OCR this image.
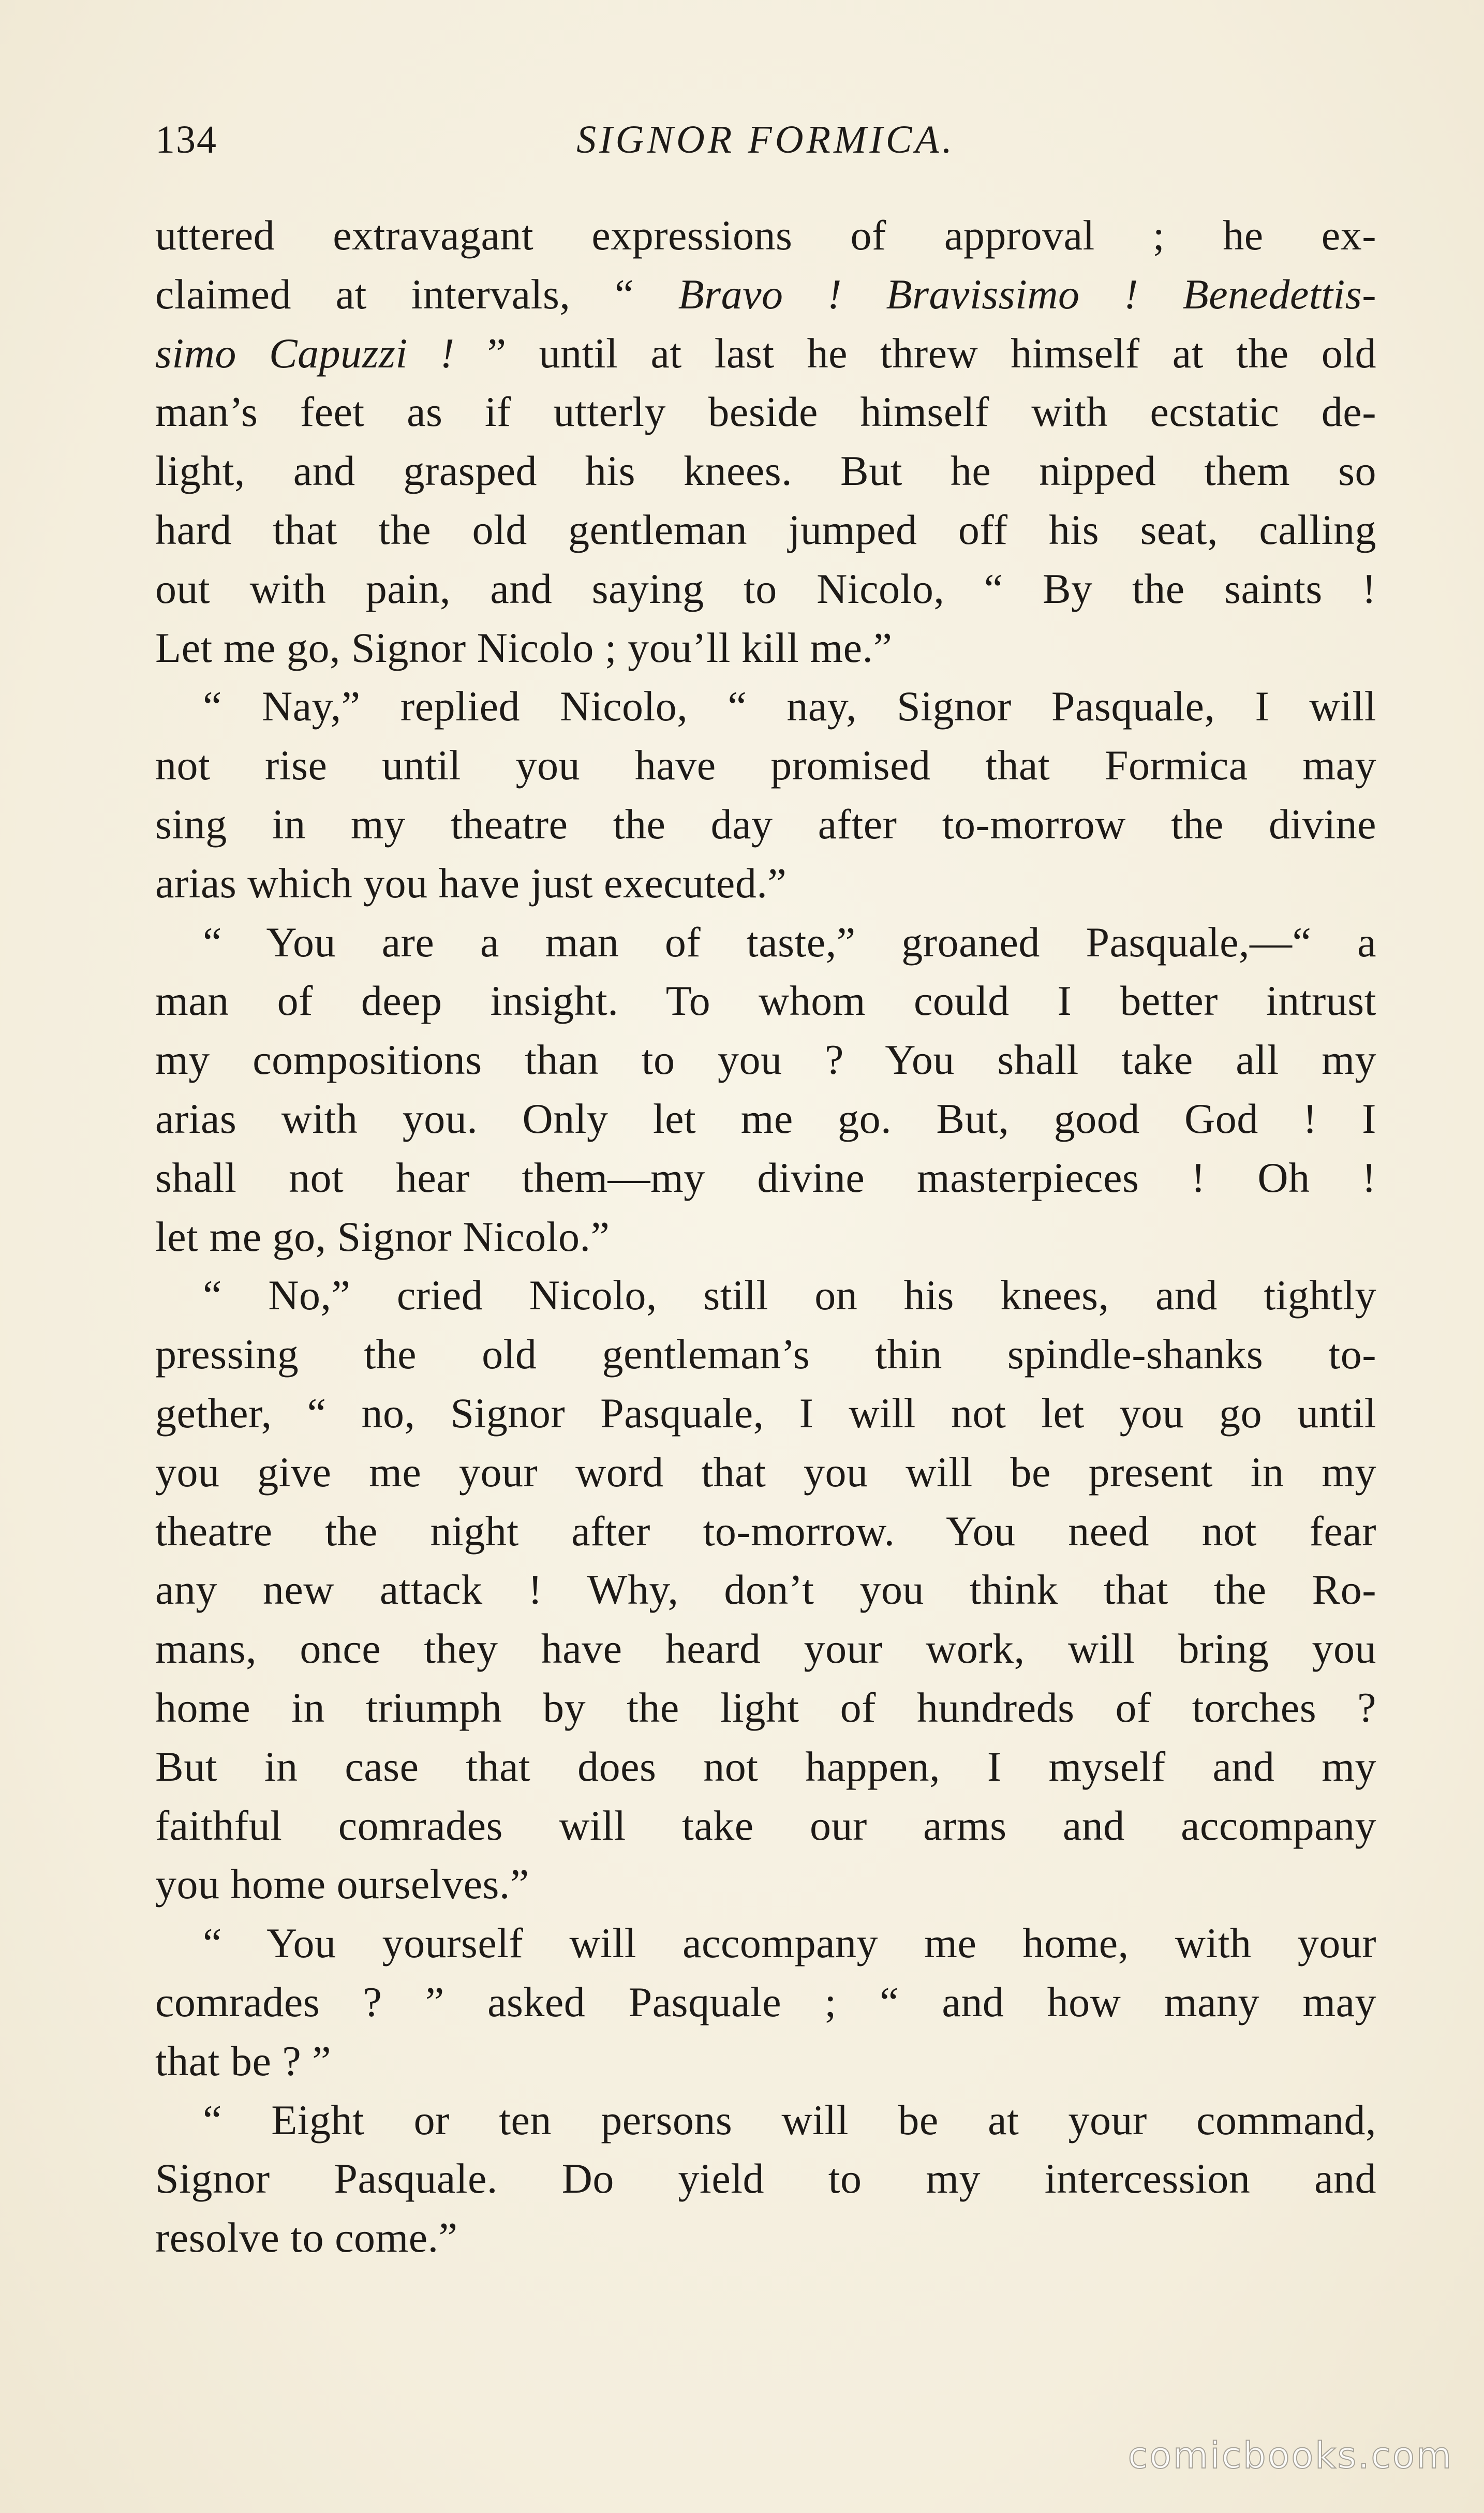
134	SIGNOR FORMICA.
uttered extravagant expressions of approval ; he ex-
claimed at intervals, “ Bravo ! Bravissimo ! Benedettis-
simo Capuzzi ! ” until at last he threw himself at the old
man’s feet as if utterly beside himself with ecstatic de-
light, and grasped his knees. But he nipped them so
hard that the old gentleman jumped off his seat, calling
out with pain, and saying to Nicolo, “ By the saints !
Let me go, Signor Nicolo ; you’ll kill me.”
“ Nay,” replied Nicolo, “ nay, Signor Pasquale, I will
not rise until you have promised that Formica may
sing in my theatre the day after to-morrow the divine
arias which you have just executed.”
“ You are a man of taste,” groaned Pasquale,—“ a
man of deep insight. To whom could I better intrust
my compositions than to you ? You shall take all my
arias with you. Only let me go. But, good God ! I
shall not hear them—my divine masterpieces ! Oh !
let me go, Signor Nicolo.”
“ No,” cried Nicolo, still on his knees, and tightly
pressing the old gentleman’s thin spindle-shanks to-
gether, “ no, Signor Pasquale, I will not let you go until
you give me your word that you will be present in my
theatre the night after to-morrow. You need not fear
any new attack ! Why, don’t you think that the Ro-
mans, once they have heard your work, will bring you
home in triumph by the light of hundreds of torches ?
But in case that does not happen, I myself and my
faithful comrades will take our arms and accompany
you home ourselves.”
“ You yourself will accompany me home, with your
comrades ? ” asked Pasquale ; “ and how many may
that be ? ”
“ Eight or ten persons will be at your command,
Signor Pasquale. Do yield to my intercession and
resolve to come.”
comicbooks.com
